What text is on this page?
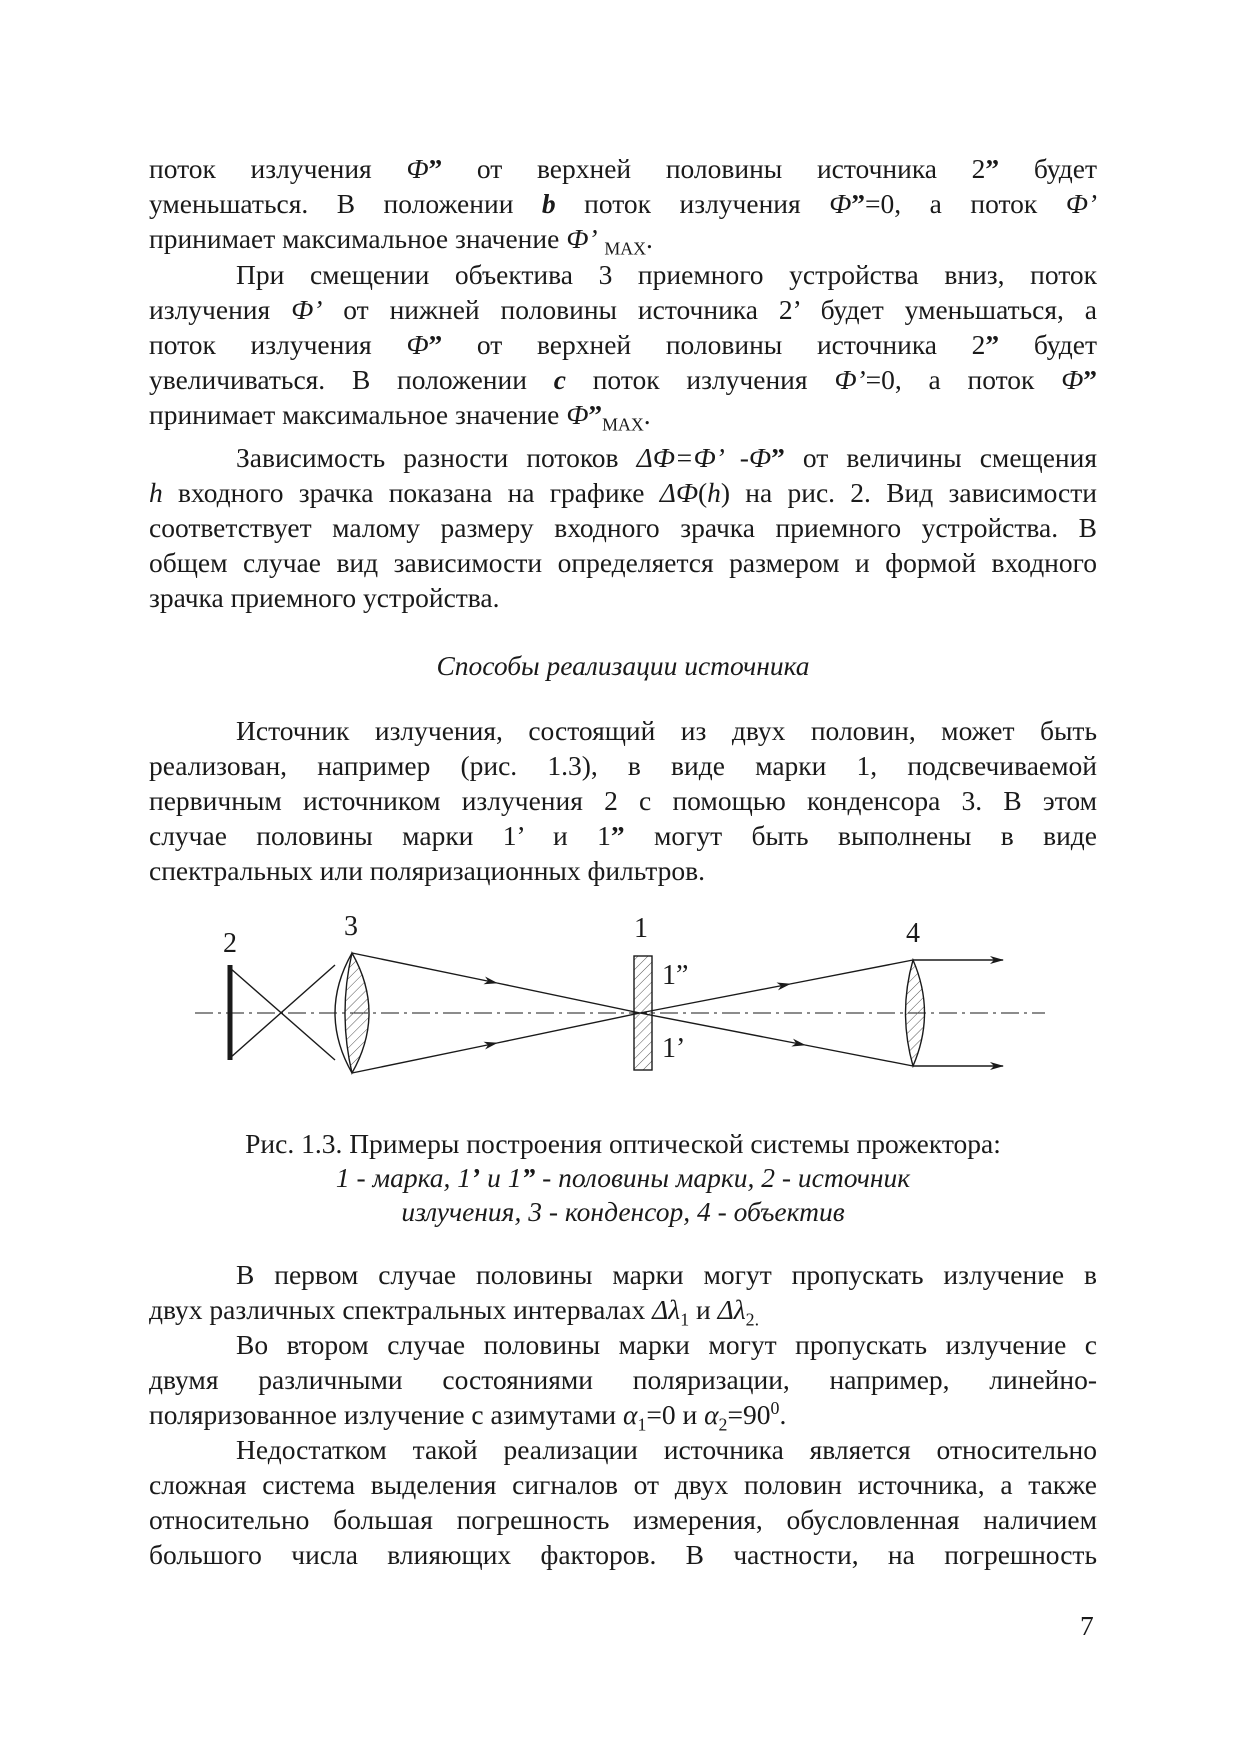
поток излучения Ф” от верхней половины источника 2” будет
уменьшаться. В положении b поток излучения Ф”=0, а поток Ф’
принимает максимальное значение Ф’ $_{MAX}$.
При смещении объектива 3 приемного устройства вниз, поток
излучения Ф’ от нижней половины источника 2’ будет уменьшаться, а
поток излучения Ф” от верхней половины источника 2” будет
увеличиваться. В положении c поток излучения Ф’=0, а поток Ф”
принимает максимальное значение $Ф”_{MAX}$.
Зависимость разности потоков ΔФ=Ф’ -Ф” от величины смещения
h входного зрачка показана на графике ΔФ(h) на рис. 2. Вид зависимости
соответствует малому размеру входного зрачка приемного устройства. В
общем случае вид зависимости определяется размером и формой входного
зрачка приемного устройства.
Способы реализации источника
Источник излучения, состоящий из двух половин, может быть
реализован, например (рис. 1.3), в виде марки 1, подсвечиваемой
первичным источником излучения 2 с помощью конденсора 3. В этом
случае половины марки 1’ и 1” могут быть выполнены в виде
спектральных или поляризационных фильтров.
2
3	1	4
1”
1’
Рис. 1.3. Примеры построения оптической системы прожектора:
1 - марка, 1’ и 1” - половины марки, 2 - источник
излучения, 3 - конденсор, 4 - объектив
В первом случае половины марки могут пропускать излучение в
двух различных спектральных интервалах $\Delta\lambda_1$ и $\Delta\lambda_{2.}$
Во втором случае половины марки могут пропускать излучение с
двумя различными состояниями поляризации, например, линейно-
поляризованное излучение с азимутами $\alpha_1=0$ и $\alpha_2=90^0$.
Недостатком такой реализации источника является относительно
сложная система выделения сигналов от двух половин источника, а также
относительно большая погрешность измерения, обусловленная наличием
большого числа влияющих факторов. В частности, на погрешность
7
